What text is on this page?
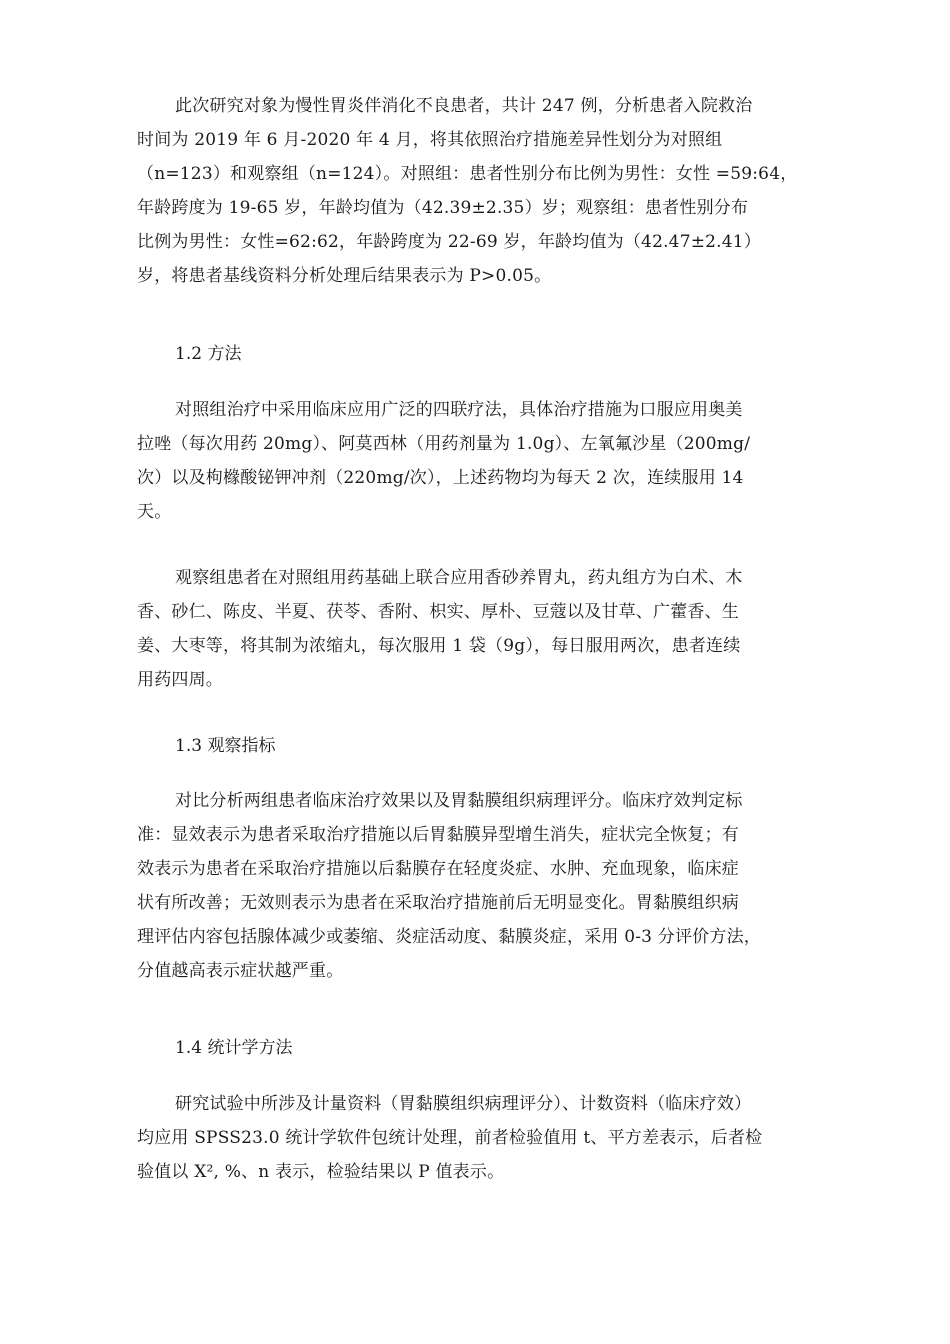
此次研究对象为慢性胃炎伴消化不良患者，共计 247 例，分析患者入院救治
时间为 2019 年 6 月-2020 年 4 月，将其依照治疗措施差异性划分为对照组
（n=123）和观察组（n=124）。对照组：患者性别分布比例为男性：女性 =59:64，
年龄跨度为 19-65 岁，年龄均值为（42.39±2.35）岁；观察组：患者性别分布
比例为男性：女性=62:62，年龄跨度为 22-69 岁，年龄均值为（42.47±2.41）
岁，将患者基线资料分析处理后结果表示为 P>0.05。
1.2 方法
对照组治疗中采用临床应用广泛的四联疗法，具体治疗措施为口服应用奥美
拉唑（每次用药 20mg）、阿莫西林（用药剂量为 1.0g）、左氧氟沙星（200mg/
次）以及枸橼酸铋钾冲剂（220mg/次），上述药物均为每天 2 次，连续服用 14
天。
观察组患者在对照组用药基础上联合应用香砂养胃丸，药丸组方为白术、木
香、砂仁、陈皮、半夏、茯苓、香附、枳实、厚朴、豆蔻以及甘草、广藿香、生
姜、大枣等，将其制为浓缩丸，每次服用 1 袋（9g），每日服用两次，患者连续
用药四周。
1.3 观察指标
对比分析两组患者临床治疗效果以及胃黏膜组织病理评分。临床疗效判定标
准：显效表示为患者采取治疗措施以后胃黏膜异型增生消失，症状完全恢复；有
效表示为患者在采取治疗措施以后黏膜存在轻度炎症、水肿、充血现象，临床症
状有所改善；无效则表示为患者在采取治疗措施前后无明显变化。胃黏膜组织病
理评估内容包括腺体减少或萎缩、炎症活动度、黏膜炎症，采用 0-3 分评价方法，
分值越高表示症状越严重。
1.4 统计学方法
研究试验中所涉及计量资料（胃黏膜组织病理评分）、计数资料（临床疗效）
均应用 SPSS23.0 统计学软件包统计处理，前者检验值用 t、平方差表示，后者检
验值以 X², %、n 表示，检验结果以 P 值表示。
